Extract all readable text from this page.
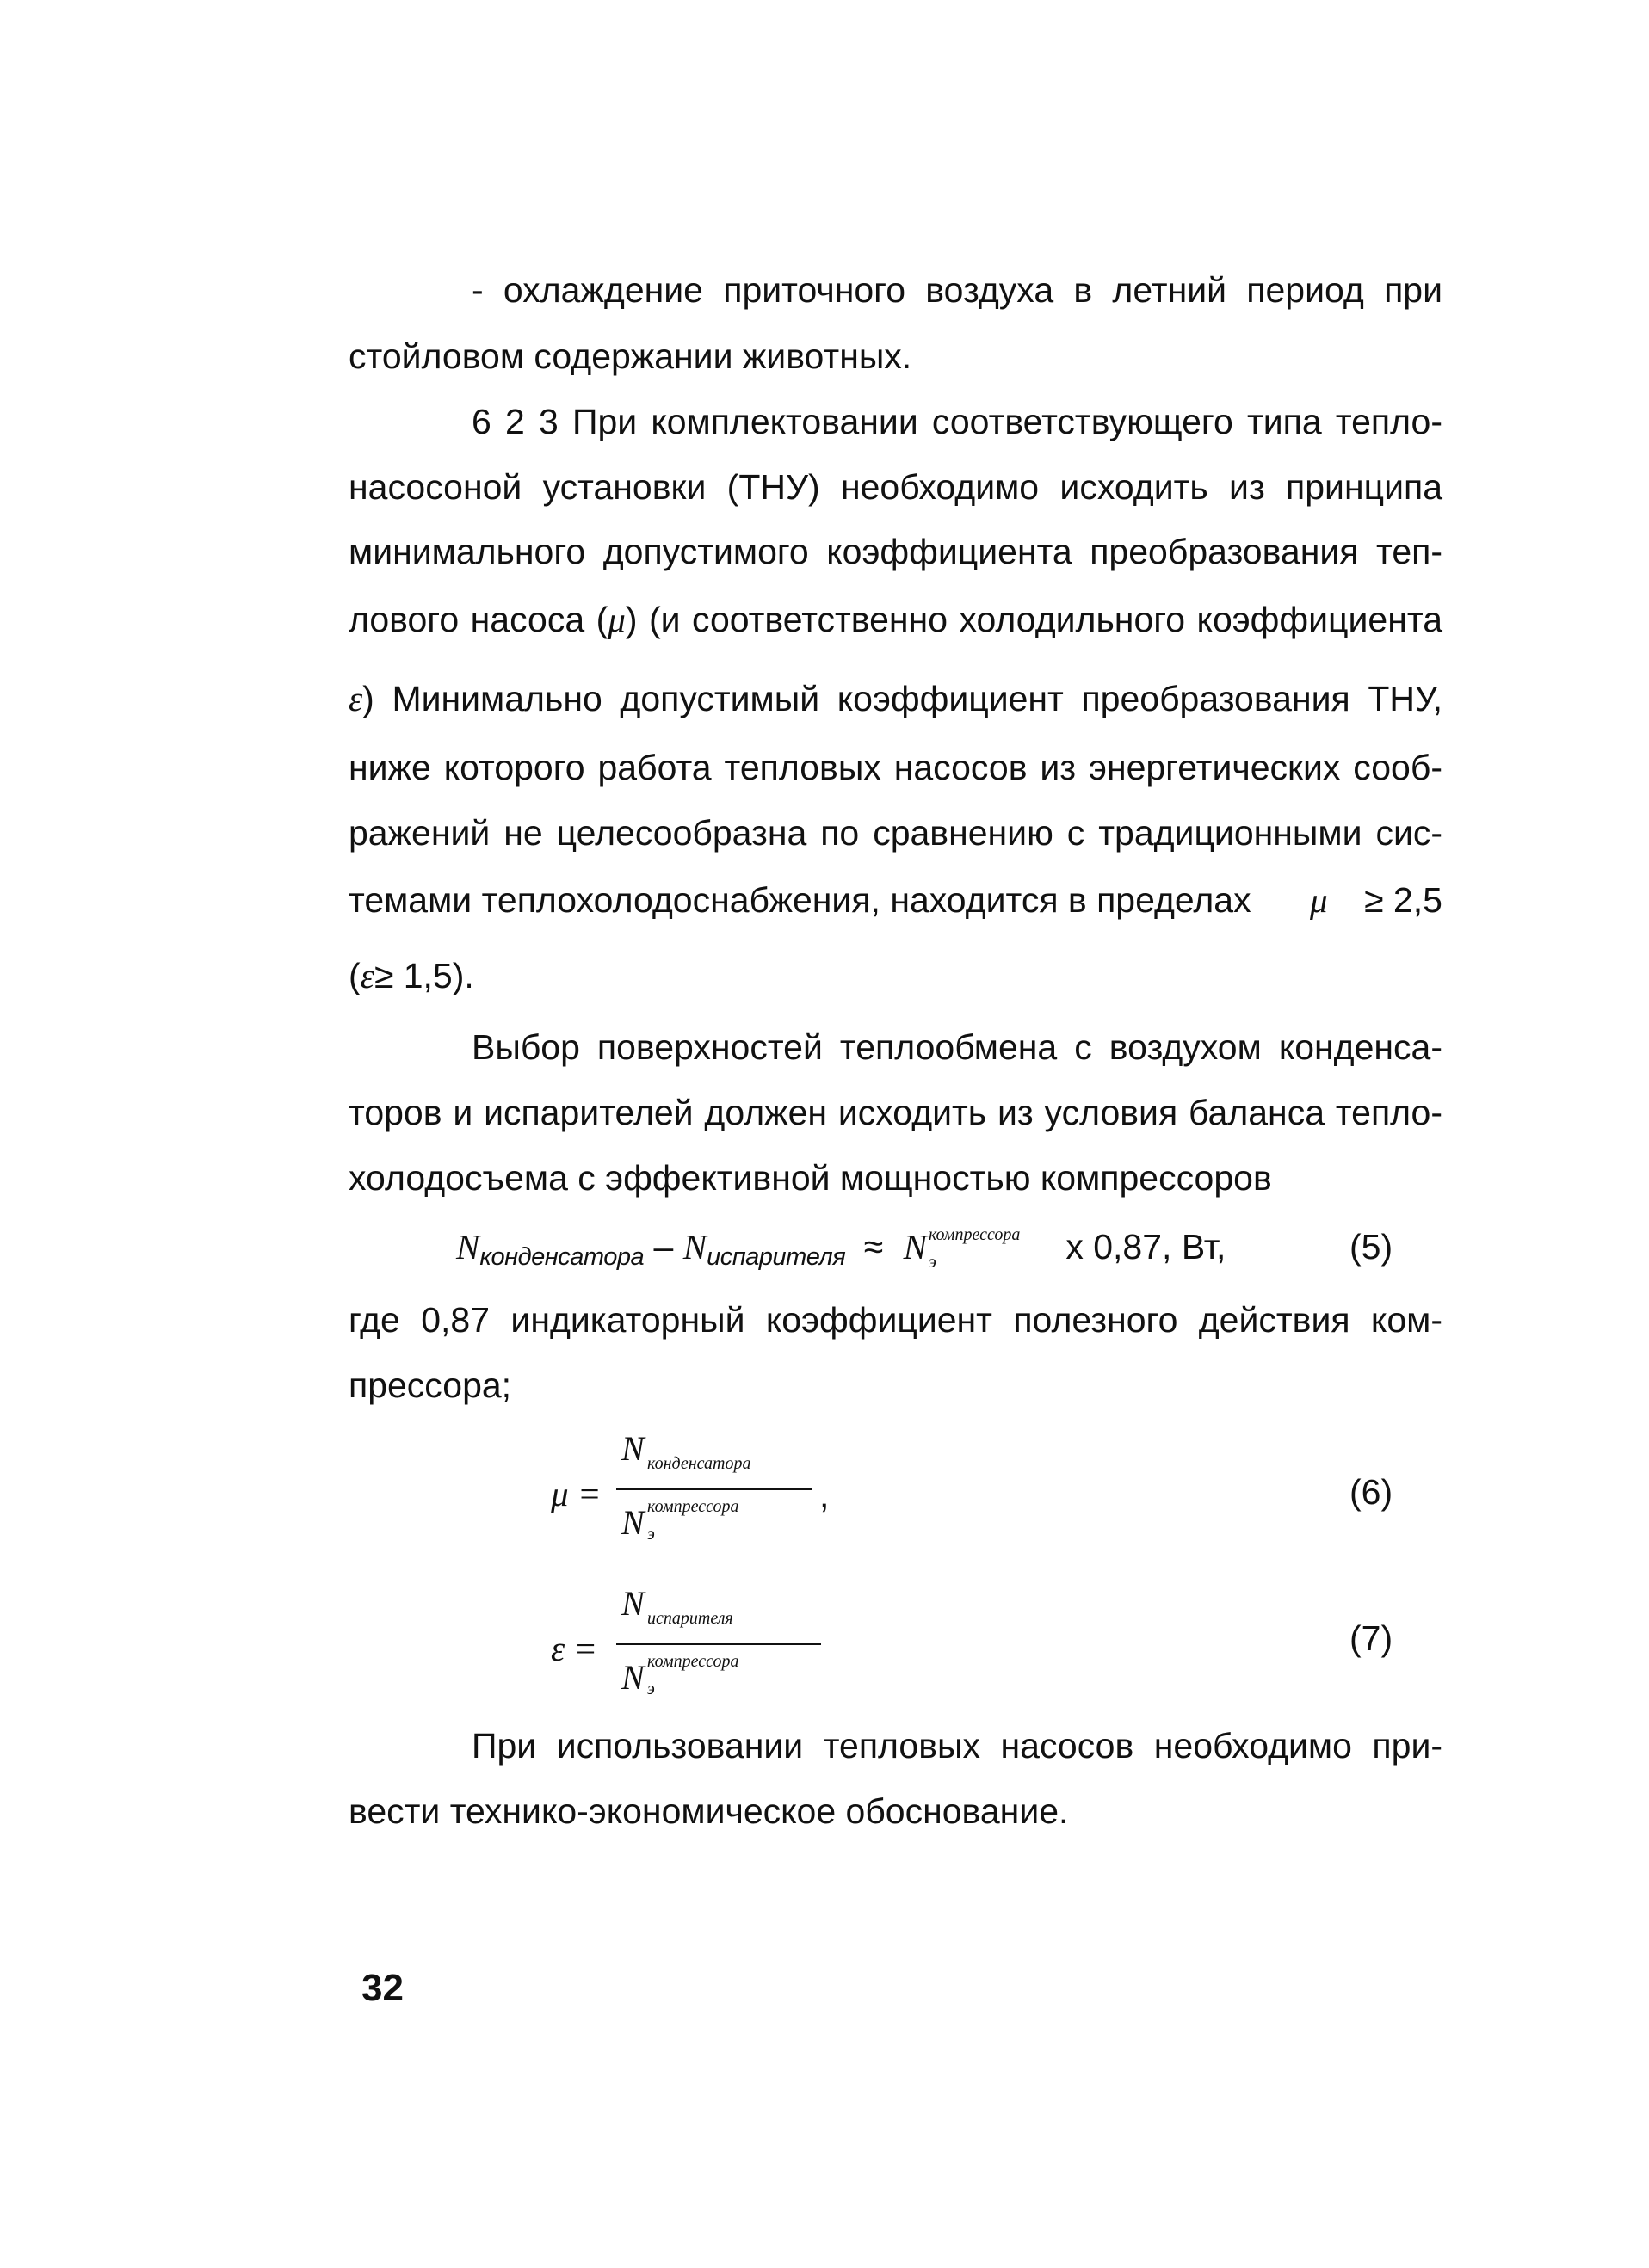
- охлаждение приточного воздуха в летний период при
стойловом содержании животных.
6 2 3 При комплектовании соответствующего типа тепло-
насосоной установки (ТНУ) необходимо исходить из принципа
минимального допустимого коэффициента преобразования теп-
лового насоса (μ) (и соответственно холодильного коэффициента
ε) Минимально допустимый коэффициент преобразования ТНУ,
ниже которого работа тепловых насосов из энергетических сооб-
ражений не целесообразна по сравнению с традиционными сис-
темами теплохолодоснабжения, находится в пределах μ ≥ 2,5
(ε≥ 1,5).
Выбор поверхностей теплообмена с воздухом конденса-
торов и испарителей должен исходить из условия баланса тепло-
холодосъема с эффективной мощностью компрессоров
$N_{конденсатора} - N_{испарителя} \approx N$ компрессора
э	х 0,87, Вт,	(5)
где 0,87 индикаторный коэффициент полезного действия ком-
прессора;
μ =
N конденсатора
N компрессора
э
,	(6)
ε =
N испарителя
N компрессора
э
(7)
При использовании тепловых насосов необходимо при-
вести технико-экономическое обоснование.
32
